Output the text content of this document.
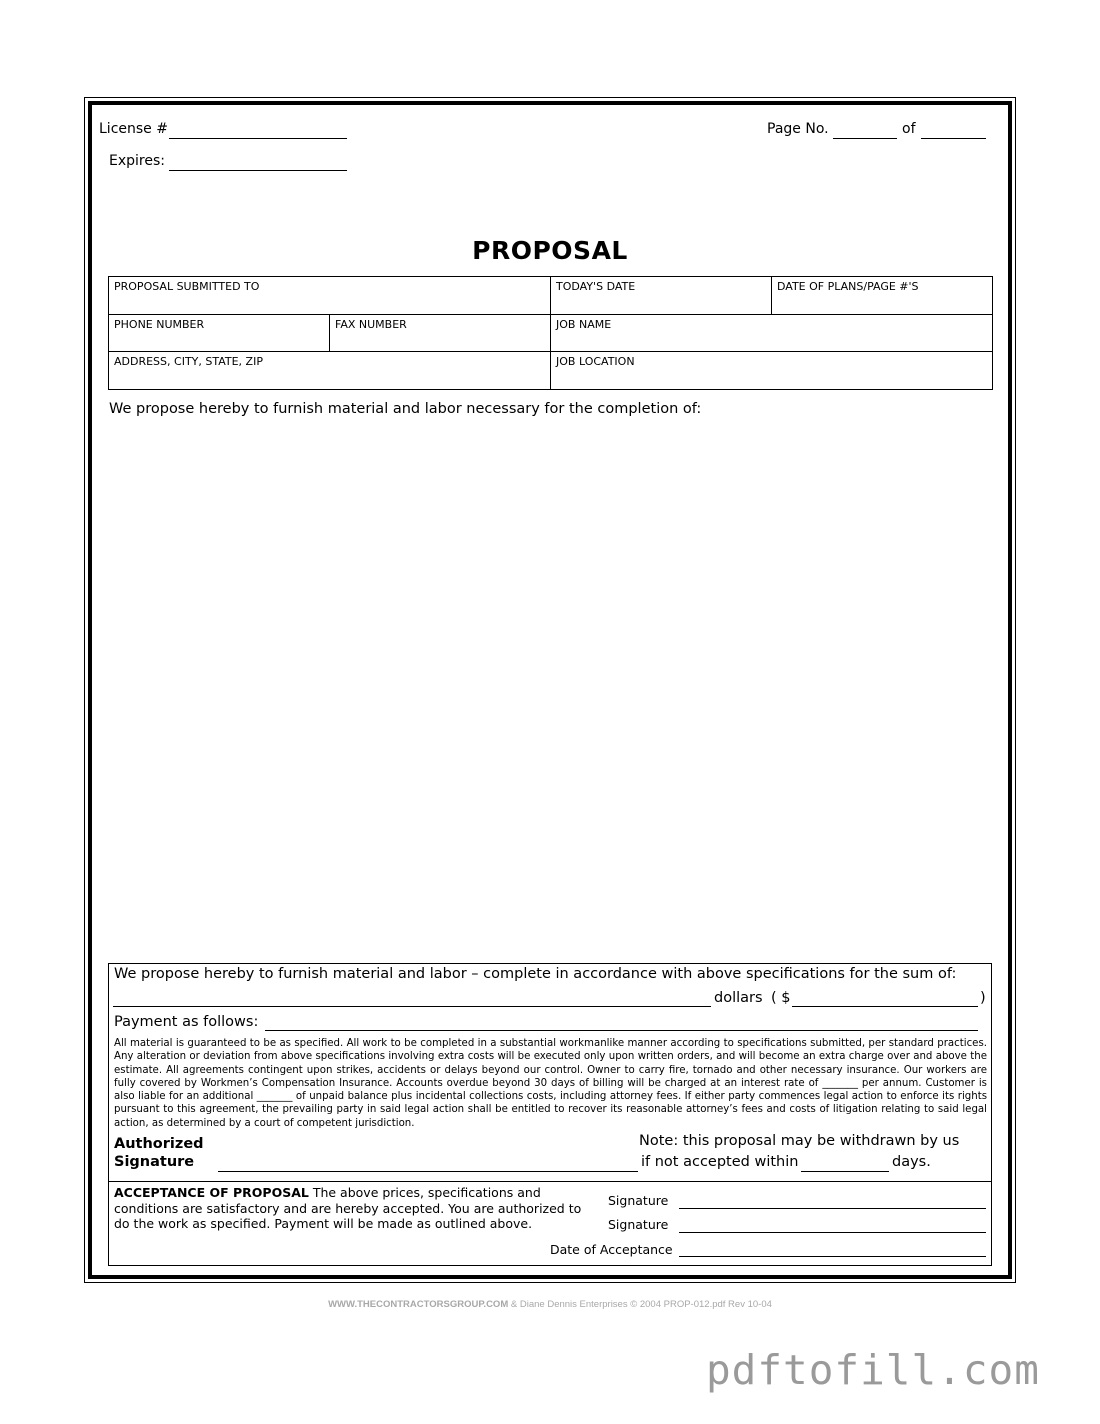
License #
Expires:
Page No.	of
PROPOSAL
PROPOSAL SUBMITTED TO		TODAY'S DATE	DATE OF PLANS/PAGE #'S
PHONE NUMBER	FAX NUMBER	JOB NAME	
ADDRESS, CITY, STATE, ZIP		JOB LOCATION	
We propose hereby to furnish material and labor necessary for the completion of:
We propose hereby to furnish material and labor – complete in accordance with above specifications for the sum of:
dollars ( $	)
Payment as follows:
All material is guaranteed to be as specified. All work to be completed in a substantial workmanlike manner according to specifications submitted, per standard practices. Any alteration or deviation from above specifications involving extra costs will be executed only upon written orders, and will become an extra charge over and above the estimate. All agreements contingent upon strikes, accidents or delays beyond our control. Owner to carry fire, tornado and other necessary insurance. Our workers are fully covered by Workmen’s Compensation Insurance. Accounts overdue beyond 30 days of billing will be charged at an interest rate of _______ per annum. Customer is also liable for an additional _______ of unpaid balance plus incidental collections costs, including attorney fees. If either party commences legal action to enforce its rights pursuant to this agreement, the prevailing party in said legal action shall be entitled to recover its reasonable attorney’s fees and costs of litigation relating to said legal action, as determined by a court of competent jurisdiction.
Authorized
Signature
Note: this proposal may be withdrawn by us
if not accepted within	days.
ACCEPTANCE OF PROPOSAL The above prices, specifications and conditions are satisfactory and are hereby accepted. You are authorized to do the work as specified. Payment will be made as outlined above.
Signature
Signature
Date of Acceptance
WWW.THECONTRACTORSGROUP.COM & Diane Dennis Enterprises © 2004 PROP-012.pdf Rev 10-04
pdftofill.com
